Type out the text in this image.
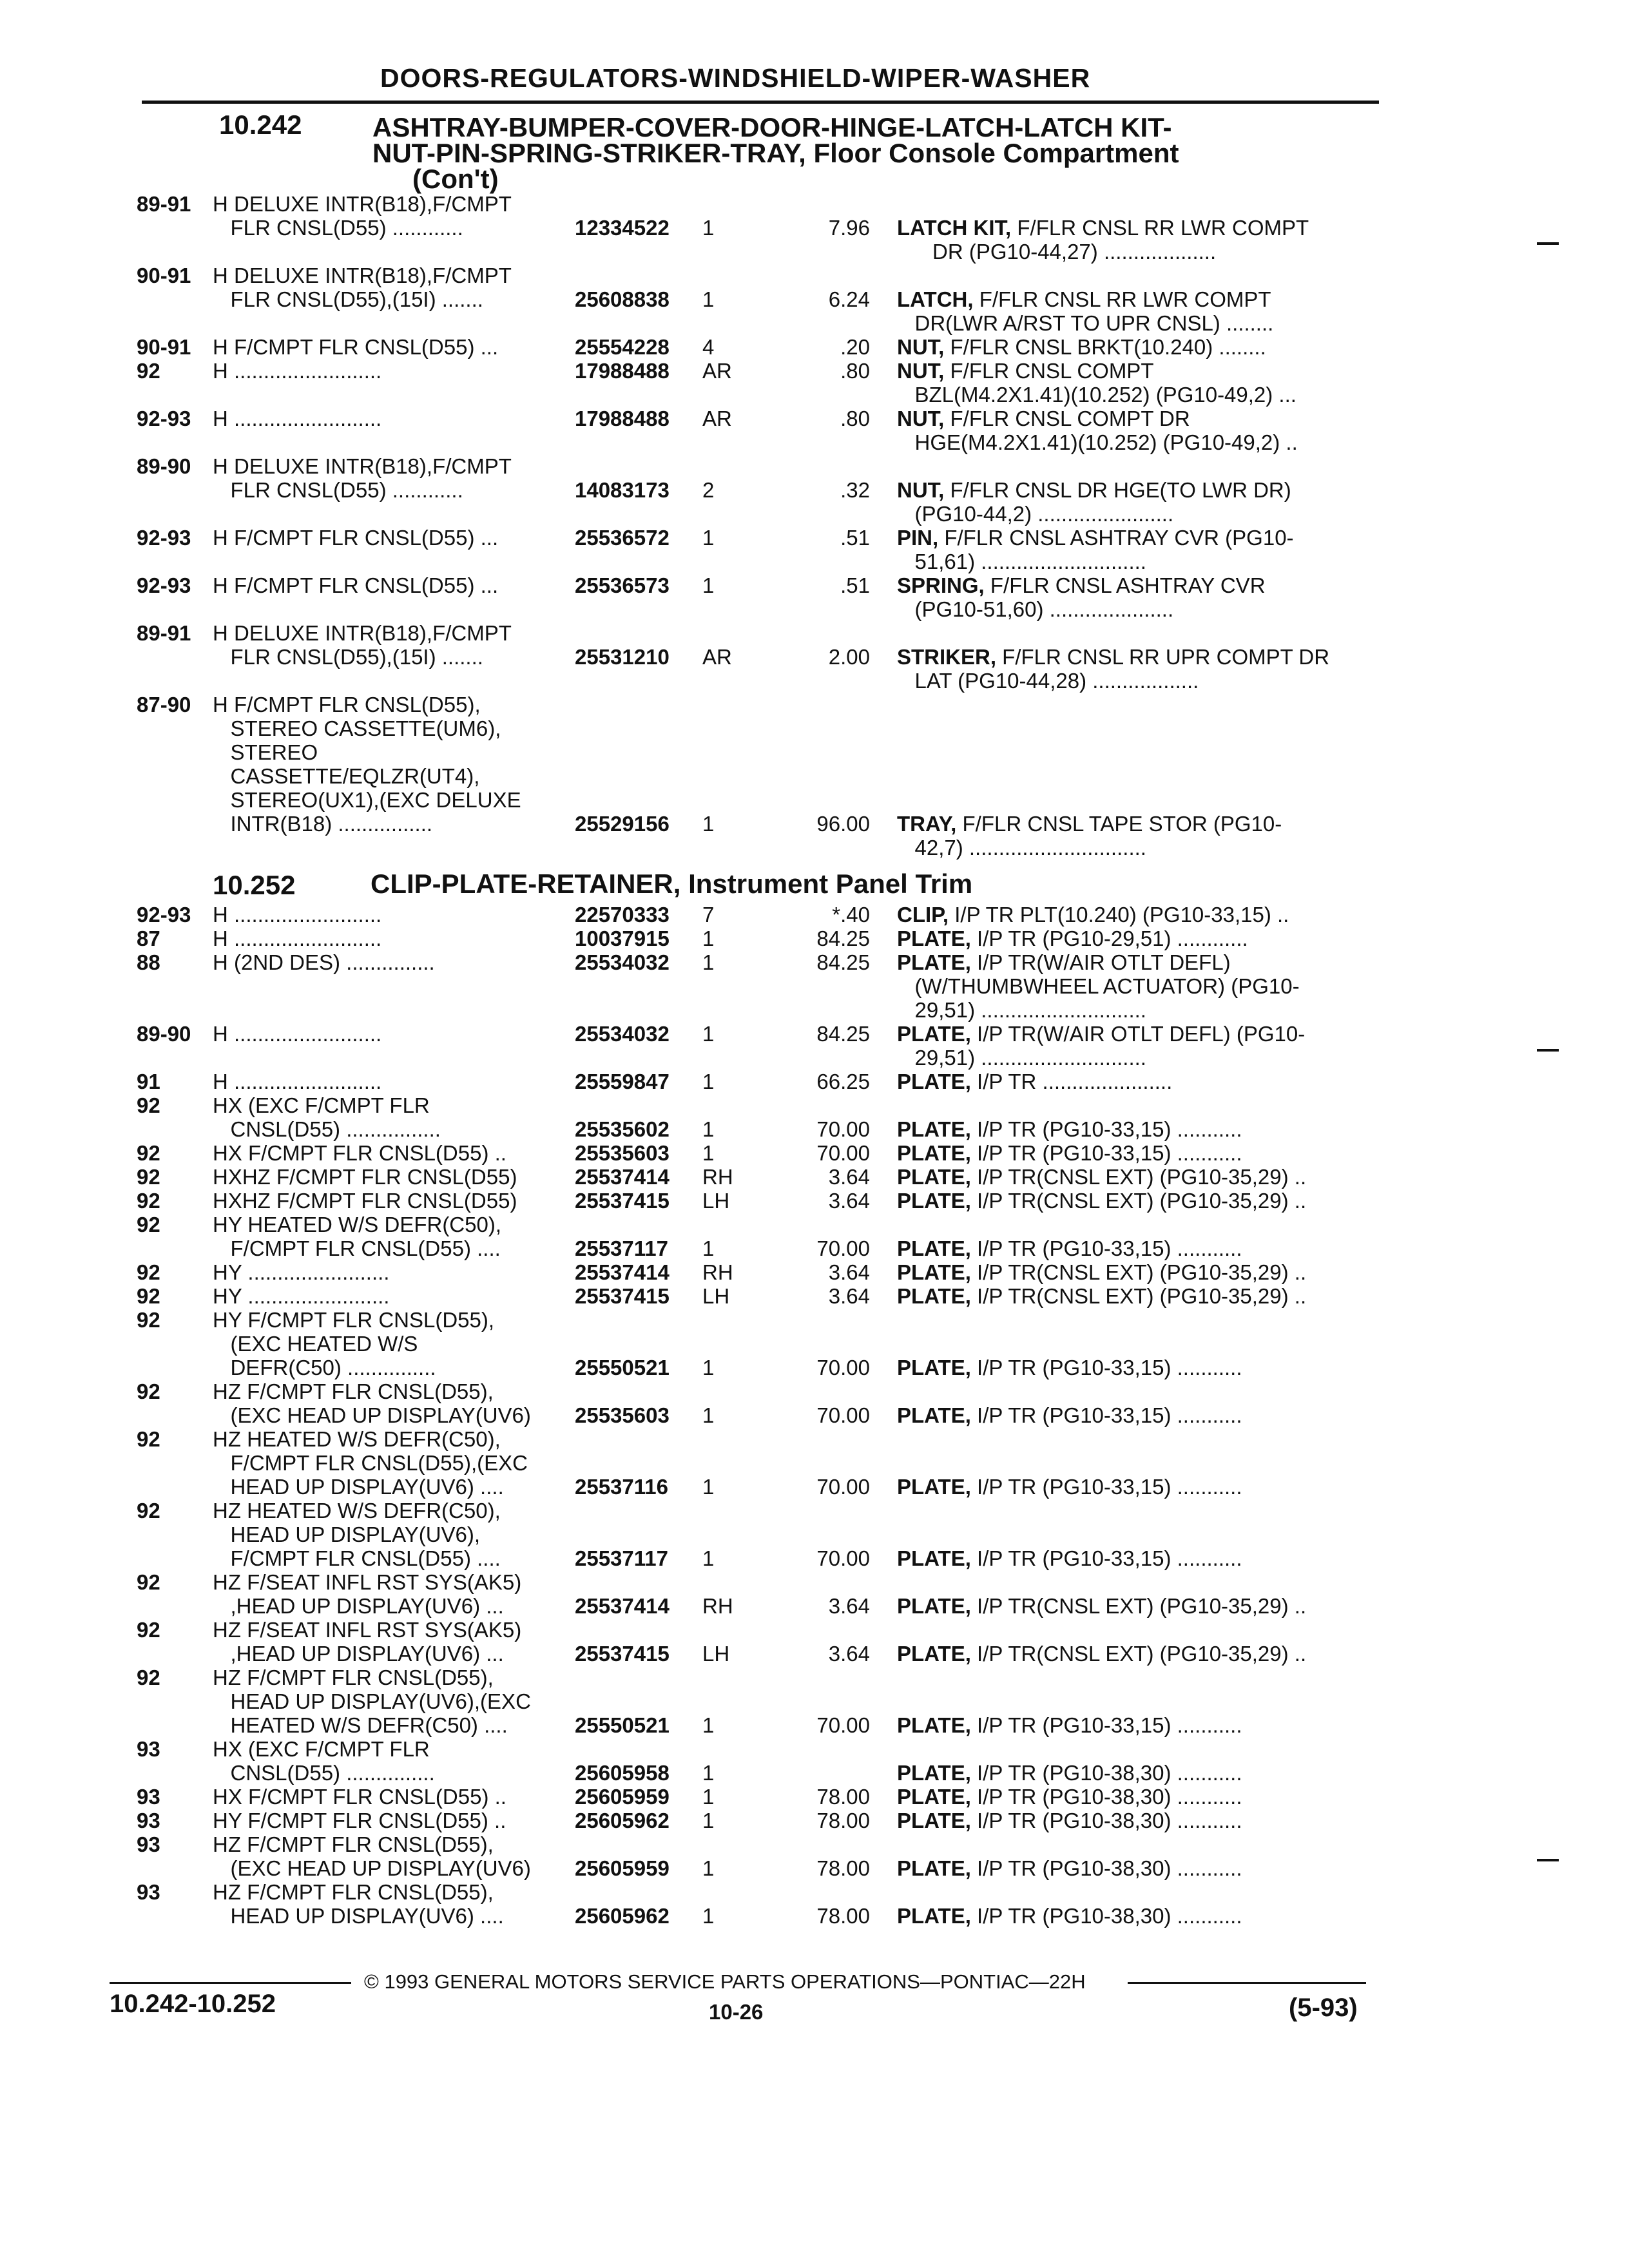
DOORS-REGULATORS-WINDSHIELD-WIPER-WASHER
10.242	ASHTRAY-BUMPER-COVER-DOOR-HINGE-LATCH-LATCH KIT-
NUT-PIN-SPRING-STRIKER-TRAY, Floor Console Compartment
(Con't)
10.252	CLIP-PLATE-RETAINER, Instrument Panel Trim
89-91 H DELUXE INTR(B18),F/CMPT
FLR CNSL(D55) ............	12334522 1	7.96 LATCH KIT, F/FLR CNSL RR LWR COMPT
DR (PG10-44,27) ...................
90-91 H DELUXE INTR(B18),F/CMPT
FLR CNSL(D55),(15I) .......	25608838 1	6.24 LATCH, F/FLR CNSL RR LWR COMPT
DR(LWR A/RST TO UPR CNSL) ........
90-91 H F/CMPT FLR CNSL(D55) ...	25554228 4	.20 NUT, F/FLR CNSL BRKT(10.240) ........
92 H .........................	17988488 AR	.80 NUT, F/FLR CNSL COMPT
BZL(M4.2X1.41)(10.252) (PG10-49,2) ...
92-93 H .........................	17988488 AR	.80 NUT, F/FLR CNSL COMPT DR
HGE(M4.2X1.41)(10.252) (PG10-49,2) ..
89-90 H DELUXE INTR(B18),F/CMPT
FLR CNSL(D55) ............	14083173 2	.32 NUT, F/FLR CNSL DR HGE(TO LWR DR)
(PG10-44,2) .......................
92-93 H F/CMPT FLR CNSL(D55) ...	25536572 1	.51 PIN, F/FLR CNSL ASHTRAY CVR (PG10-
51,61) ............................
92-93 H F/CMPT FLR CNSL(D55) ...	25536573 1	.51 SPRING, F/FLR CNSL ASHTRAY CVR
(PG10-51,60) .....................
89-91 H DELUXE INTR(B18),F/CMPT
FLR CNSL(D55),(15I) .......	25531210 AR	2.00 STRIKER, F/FLR CNSL RR UPR COMPT DR
LAT (PG10-44,28) ..................
87-90 H F/CMPT FLR CNSL(D55),
STEREO CASSETTE(UM6),
STEREO
CASSETTE/EQLZR(UT4),
STEREO(UX1),(EXC DELUXE
INTR(B18) ................	25529156 1	96.00 TRAY, F/FLR CNSL TAPE STOR (PG10-
42,7) ..............................
92-93 H .........................	22570333 7	*.40 CLIP, I/P TR PLT(10.240) (PG10-33,15) ..
87 H .........................	10037915 1	84.25 PLATE, I/P TR (PG10-29,51) ............
88 H (2ND DES) ...............	25534032 1	84.25 PLATE, I/P TR(W/AIR OTLT DEFL)
(W/THUMBWHEEL ACTUATOR) (PG10-
29,51) ............................
89-90 H .........................	25534032 1	84.25 PLATE, I/P TR(W/AIR OTLT DEFL) (PG10-
29,51) ............................
91 H .........................	25559847 1	66.25 PLATE, I/P TR ......................
92 HX (EXC F/CMPT FLR
CNSL(D55) ................	25535602 1	70.00 PLATE, I/P TR (PG10-33,15) ...........
92 HX F/CMPT FLR CNSL(D55) ..	25535603 1	70.00 PLATE, I/P TR (PG10-33,15) ...........
92 HXHZ F/CMPT FLR CNSL(D55)	25537414 RH	3.64 PLATE, I/P TR(CNSL EXT) (PG10-35,29) ..
92 HXHZ F/CMPT FLR CNSL(D55)	25537415 LH	3.64 PLATE, I/P TR(CNSL EXT) (PG10-35,29) ..
92 HY HEATED W/S DEFR(C50),
F/CMPT FLR CNSL(D55) ....	25537117 1	70.00 PLATE, I/P TR (PG10-33,15) ...........
92 HY ........................	25537414 RH	3.64 PLATE, I/P TR(CNSL EXT) (PG10-35,29) ..
92 HY ........................	25537415 LH	3.64 PLATE, I/P TR(CNSL EXT) (PG10-35,29) ..
92 HY F/CMPT FLR CNSL(D55),
(EXC HEATED W/S
DEFR(C50) ...............	25550521 1	70.00 PLATE, I/P TR (PG10-33,15) ...........
92 HZ F/CMPT FLR CNSL(D55),
(EXC HEAD UP DISPLAY(UV6)	25535603 1	70.00 PLATE, I/P TR (PG10-33,15) ...........
92 HZ HEATED W/S DEFR(C50),
F/CMPT FLR CNSL(D55),(EXC
HEAD UP DISPLAY(UV6) ....	25537116 1	70.00 PLATE, I/P TR (PG10-33,15) ...........
92 HZ HEATED W/S DEFR(C50),
HEAD UP DISPLAY(UV6),
F/CMPT FLR CNSL(D55) ....	25537117 1	70.00 PLATE, I/P TR (PG10-33,15) ...........
92 HZ F/SEAT INFL RST SYS(AK5)
,HEAD UP DISPLAY(UV6) ...	25537414 RH	3.64 PLATE, I/P TR(CNSL EXT) (PG10-35,29) ..
92 HZ F/SEAT INFL RST SYS(AK5)
,HEAD UP DISPLAY(UV6) ...	25537415 LH	3.64 PLATE, I/P TR(CNSL EXT) (PG10-35,29) ..
92 HZ F/CMPT FLR CNSL(D55),
HEAD UP DISPLAY(UV6),(EXC
HEATED W/S DEFR(C50) ....	25550521 1	70.00 PLATE, I/P TR (PG10-33,15) ...........
93 HX (EXC F/CMPT FLR
CNSL(D55) ...............	25605958 1	PLATE, I/P TR (PG10-38,30) ...........
93 HX F/CMPT FLR CNSL(D55) ..	25605959 1	78.00 PLATE, I/P TR (PG10-38,30) ...........
93 HY F/CMPT FLR CNSL(D55) ..	25605962 1	78.00 PLATE, I/P TR (PG10-38,30) ...........
93 HZ F/CMPT FLR CNSL(D55),
(EXC HEAD UP DISPLAY(UV6)	25605959 1	78.00 PLATE, I/P TR (PG10-38,30) ...........
93 HZ F/CMPT FLR CNSL(D55),
HEAD UP DISPLAY(UV6) ....	25605962 1	78.00 PLATE, I/P TR (PG10-38,30) ...........
© 1993 GENERAL MOTORS SERVICE PARTS OPERATIONS—PONTIAC—22H
10.242-10.252	10-26	(5-93)
